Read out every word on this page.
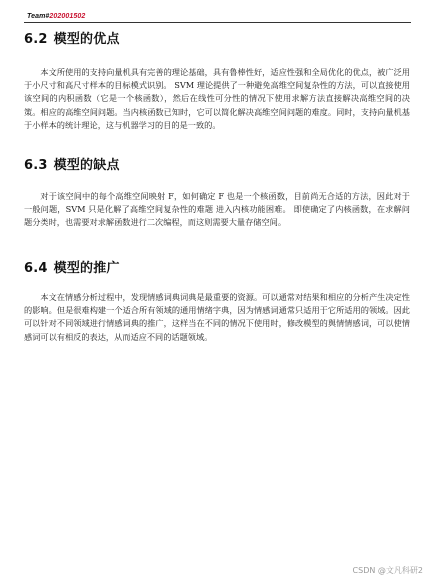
Team#202001502
6.2 模型的优点

本文所使用的支持向量机具有完善的理论基础，具有鲁棒性好，适应性强和全局优化的优点，被广泛用于小尺寸和高尺寸样本的目标模式识别。 SVM 理论提供了一种避免高维空间复杂性的方法，可以直接使用该空间的内积函数（它是一个核函数），然后在线性可分性的情况下使用求解方法直接解决高维空间的决策。相应的高维空间问题。当内核函数已知时，它可以简化解决高维空间问题的难度。同时，支持向量机基于小样本的统计理论，这与机器学习的目的是一致的。

6.3 模型的缺点

对于该空间中的每个高维空间映射 F，如何确定 F 也是一个核函数，目前尚无合适的方法，因此对于一般问题，SVM 只是化解了高维空间复杂性的难题 进入内核功能困难。 即使确定了内核函数，在求解问题分类时，也需要对求解函数进行二次编程，而这则需要大量存储空间。

6.4 模型的推广

本文在情感分析过程中，发现情感词典词典是最重要的资源。可以通常对结果和相应的分析产生决定性的影响。但是很难构建一个适合所有领域的通用情绪字典，因为情感词通常只适用于它所适用的领域。因此可以针对不同领域进行情感词典的推广，这样当在不同的情况下使用时，修改模型的舆情情感词，可以使情感词可以有相反的表达，从而适应不同的话题领域。

CSDN @文凡科研2
